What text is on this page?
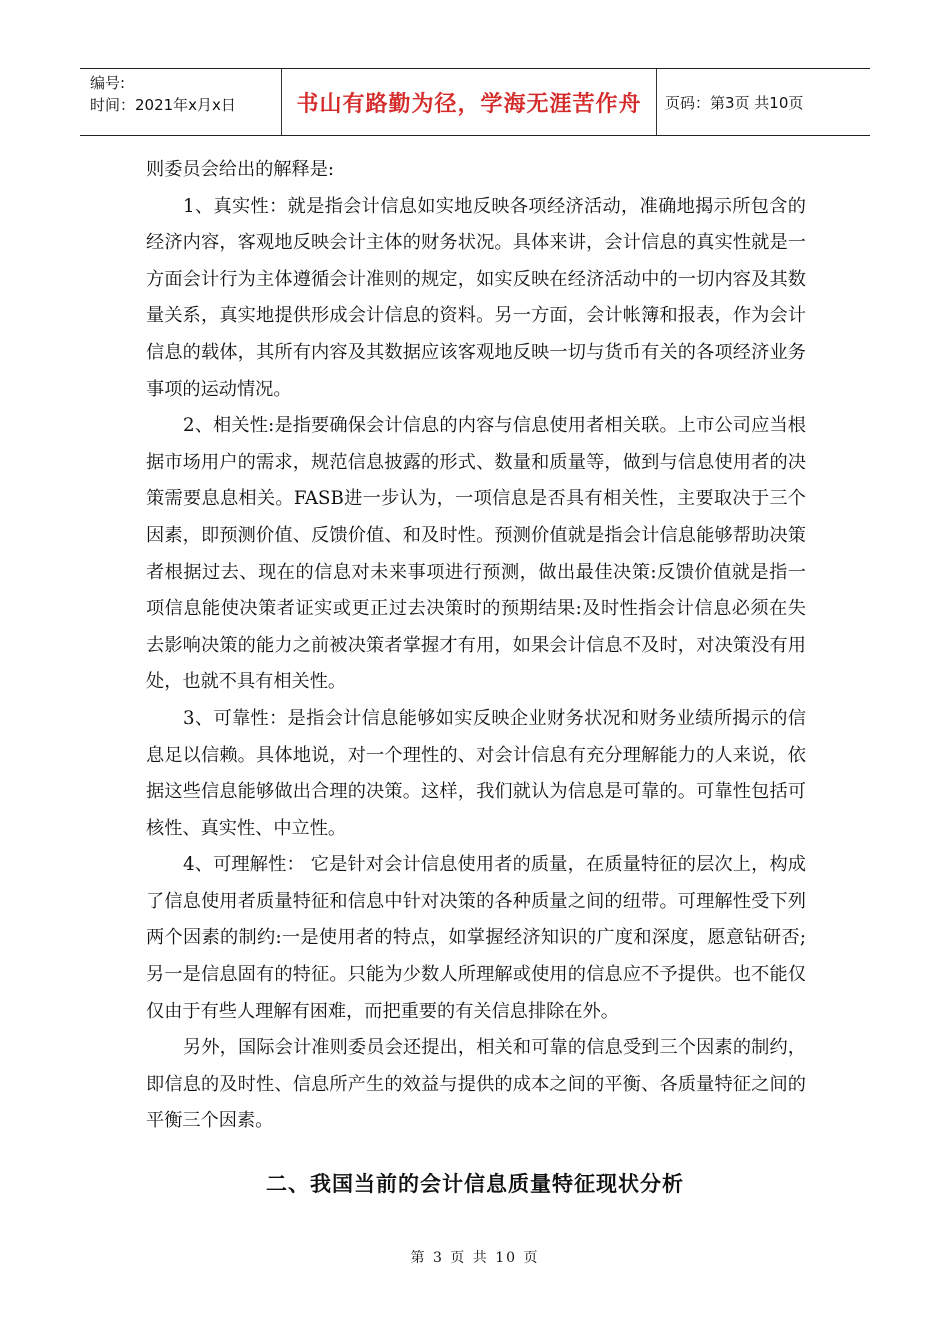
编号:
时间：2021年x月x日	书山有路勤为径，学海无涯苦作舟 页码：第3页 共10页

则委员会给出的解释是:

1、真实性：就是指会计信息如实地反映各项经济活动，准确地揭示所包含的经济内容，客观地反映会计主体的财务状况。具体来讲，会计信息的真实性就是一方面会计行为主体遵循会计准则的规定，如实反映在经济活动中的一切内容及其数量关系，真实地提供形成会计信息的资料。另一方面，会计帐簿和报表，作为会计信息的载体，其所有内容及其数据应该客观地反映一切与货币有关的各项经济业务事项的运动情况。

2、相关性:是指要确保会计信息的内容与信息使用者相关联。上市公司应当根据市场用户的需求，规范信息披露的形式、数量和质量等，做到与信息使用者的决策需要息息相关。FASB进一步认为，一项信息是否具有相关性，主要取决于三个因素，即预测价值、反馈价值、和及时性。预测价值就是指会计信息能够帮助决策者根据过去、现在的信息对未来事项进行预测，做出最佳决策:反馈价值就是指一项信息能使决策者证实或更正过去决策时的预期结果:及时性指会计信息必须在失去影响决策的能力之前被决策者掌握才有用，如果会计信息不及时，对决策没有用处，也就不具有相关性。

3、可靠性：是指会计信息能够如实反映企业财务状况和财务业绩所揭示的信息足以信赖。具体地说，对一个理性的、对会计信息有充分理解能力的人来说，依据这些信息能够做出合理的决策。这样，我们就认为信息是可靠的。可靠性包括可核性、真实性、中立性。

4、可理解性： 它是针对会计信息使用者的质量，在质量特征的层次上，构成了信息使用者质量特征和信息中针对决策的各种质量之间的纽带。可理解性受下列两个因素的制约:一是使用者的特点，如掌握经济知识的广度和深度，愿意钻研否;另一是信息固有的特征。只能为少数人所理解或使用的信息应不予提供。也不能仅仅由于有些人理解有困难，而把重要的有关信息排除在外。

另外，国际会计准则委员会还提出，相关和可靠的信息受到三个因素的制约，即信息的及时性、信息所产生的效益与提供的成本之间的平衡、各质量特征之间的平衡三个因素。

二、我国当前的会计信息质量特征现状分析
第 3 页 共 10 页
